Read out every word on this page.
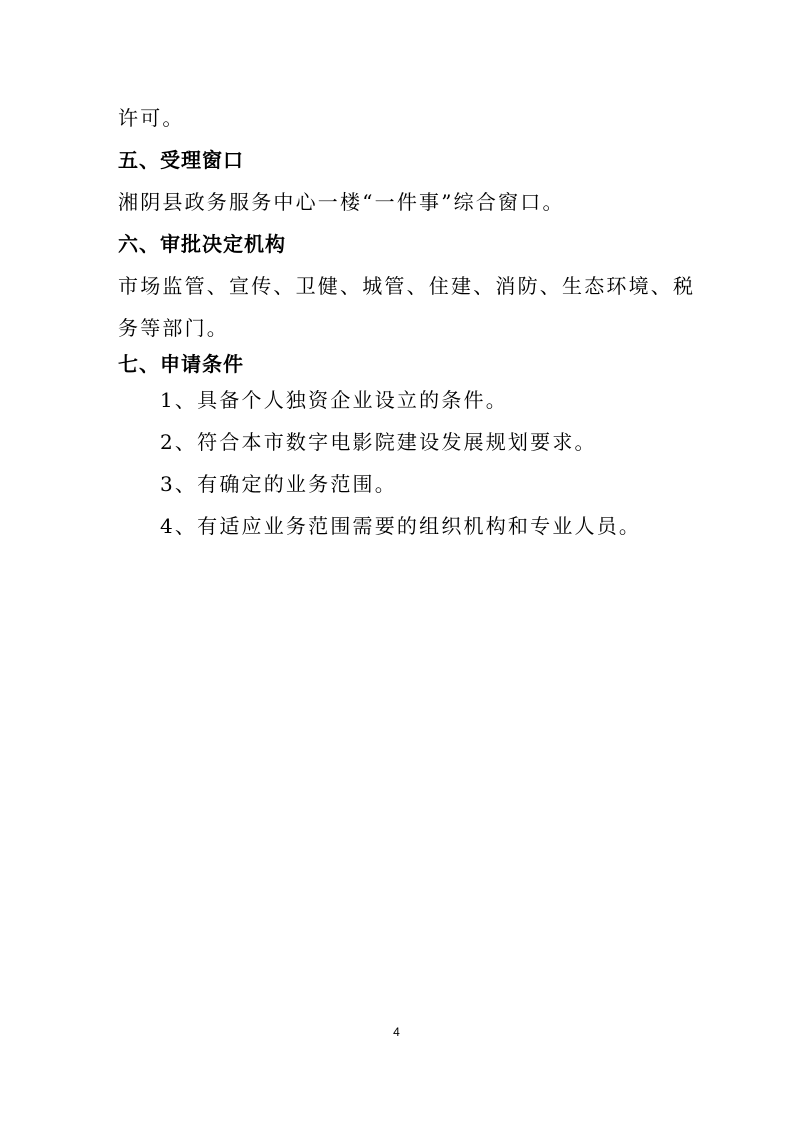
许可。
五、受理窗口
湘阴县政务服务中心一楼“一件事”综合窗口。
六、审批决定机构
市场监管、宣传、卫健、城管、住建、消防、生态环境、税
务等部门。
七、申请条件
1、具备个人独资企业设立的条件。
2、符合本市数字电影院建设发展规划要求。
3、有确定的业务范围。
4、有适应业务范围需要的组织机构和专业人员。
4
